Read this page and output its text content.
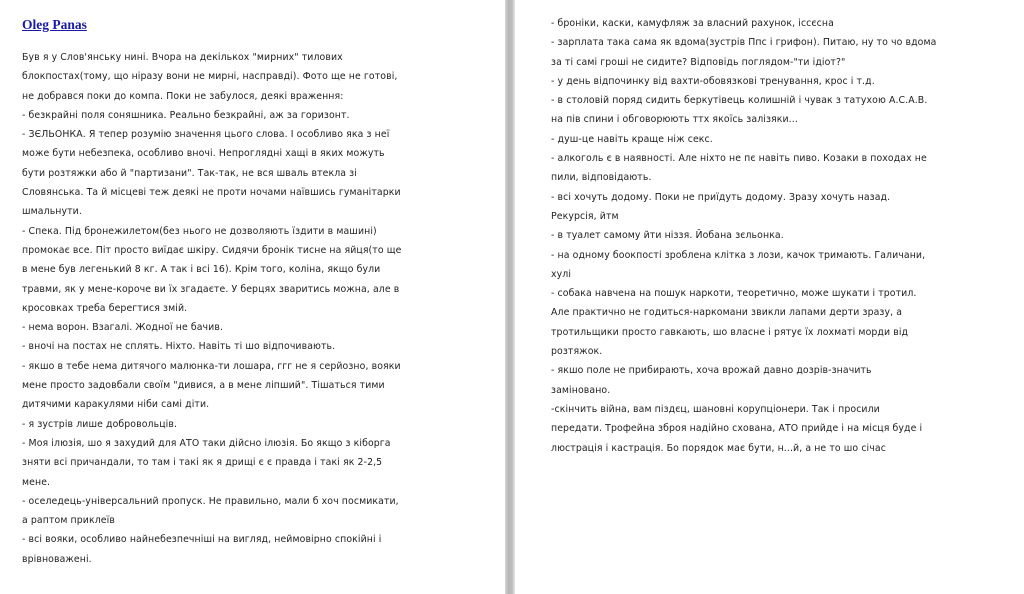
Oleg Panas
Був я у Слов'янську нині. Вчора на декількох "мирних" тилових
блокпостах(тому, що ніразу вони не мирні, насправді). Фото ще не готові,
не добрався поки до компа. Поки не забулося, деякі враження:
- безкрайні поля соняшника. Реально безкрайні, аж за горизонт.
- ЗЄЛЬОНКА. Я тепер розумію значення цього слова. І особливо яка з неї
може бути небезпека, особливо вночі. Непроглядні хащі в яких можуть
бути розтяжки або й "партизани". Так-так, не вся шваль втекла зі
Словянська. Та й місцеві теж деякі не проти ночами наївшись гуманітарки
шмальнути.
- Спека. Під бронежилетом(без нього не дозволяють їздити в машині)
промокає все. Піт просто виїдає шкіру. Сидячи бронік тисне на яйця(то ще
в мене був легенький 8 кг. А так і всі 16). Крім того, коліна, якщо були
травми, як у мене-короче ви їх згадаєте. У берцях зваритись можна, але в
кросовках треба берегтися змій.
- нема ворон. Взагалі. Жодної не бачив.
- вночі на постах не сплять. Ніхто. Навіть ті шо відпочивають.
- якшо в тебе нема дитячого малюнка-ти лошара, ггг не я серйозно, вояки
мене просто задовбали своїм "дивися, а в мене ліпший". Тішаться тими
дитячими каракулями ніби самі діти.
- я зустрів лише добровольців.
- Моя ілюзія, шо я захудий для АТО таки дійсно ілюзія. Бо якщо з кіборга
зняти всі причандали, то там і такі як я дрищі є є правда і такі як 2-2,5
мене.
- оселедець-універсальний пропуск. Не правильно, мали б хоч посмикати,
а раптом приклеїв
- всі вояки, особливо найнебезпечніші на вигляд, неймовірно спокійні і
врівноважені.
- броніки, каски, камуфляж за власний рахунок, іссєсна
- зарплата така сама як вдома(зустрів Ппс і грифон). Питаю, ну то чо вдома
за ті самі гроші не сидите? Відповідь поглядом-"ти ідіот?"
- у день відпочинку від вахти-обовязкові тренування, крос і т.д.
- в столовій поряд сидить беркутівець колишній і чувак з татухою А.С.А.В.
на пів спини і обговорюють ттх якоїсь залізяки...
- душ-це навіть краще ніж секс.
- алкоголь є в наявності. Але ніхто не пє навіть пиво. Козаки в походах не
пили, відповідають.
- всі хочуть додому. Поки не приїдуть додому. Зразу хочуть назад.
Рекурсія, йтм
- в туалет самому йти ніззя. Йобана зєльонка.
- на одному боокпості зроблена клітка з лози, качок тримають. Галичани,
хулі
- собака навчена на пошук наркоти, теоретично, може шукати і тротил.
Але практично не годиться-наркомани звикли лапами дерти зразу, а
тротильщики просто гавкають, шо власне і рятує їх лохматі морди від
розтяжок.
- якшо поле не прибирають, хоча врожай давно дозрів-значить
заміновано.
-скінчить війна, вам піздєц, шановні корупціонери. Так і просили
передати. Трофейна зброя надійно схована, АТО прийде і на місця буде і
люстрація і кастрація. Бо порядок має бути, н...й, а не то шо січас
